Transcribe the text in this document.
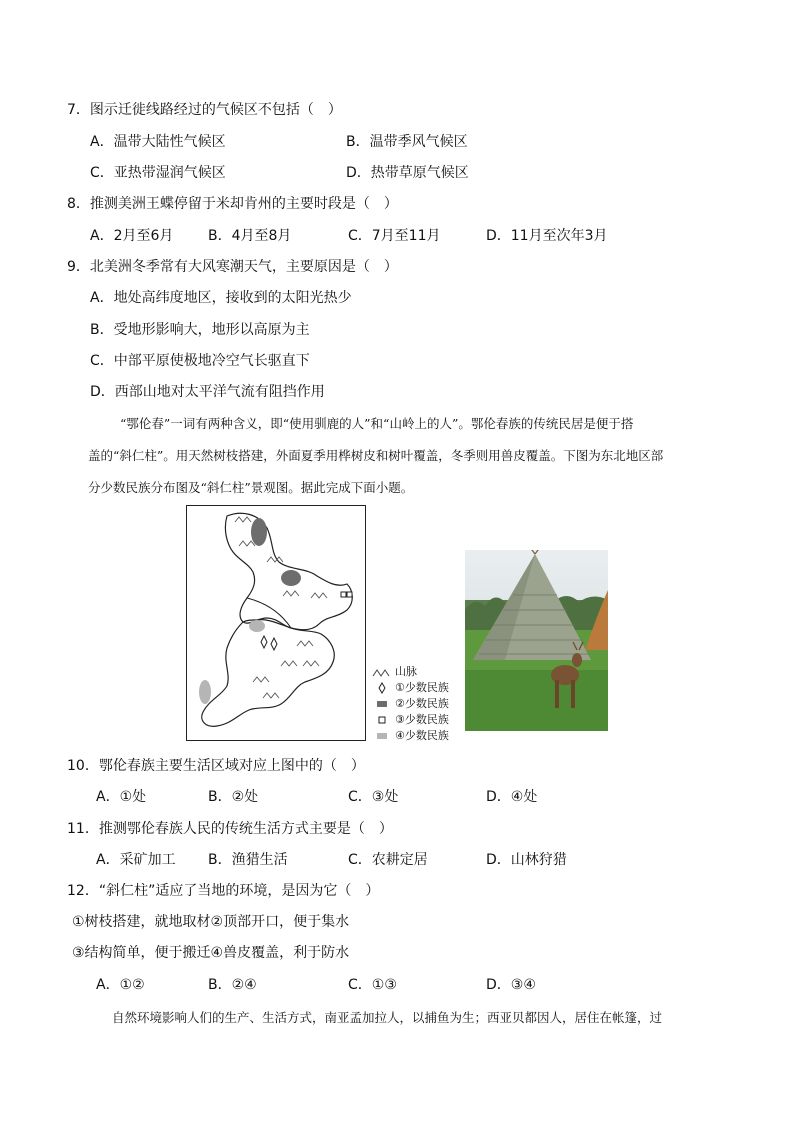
7．图示迁徙线路经过的气候区不包括（　）
A．温带大陆性气候区	B．温带季风气候区
C．亚热带湿润气候区	D．热带草原气候区
8．推测美洲王蝶停留于米却肯州的主要时段是（　）
A．2月至6月 B．4月至8月	C．7月至11月	D．11月至次年3月
9．北美洲冬季常有大风寒潮天气，主要原因是（　）
A．地处高纬度地区，接收到的太阳光热少
B．受地形影响大，地形以高原为主
C．中部平原使极地冷空气长驱直下
D．西部山地对太平洋气流有阻挡作用
“鄂伦春”一词有两种含义，即“使用驯鹿的人”和“山岭上的人”。鄂伦春族的传统民居是便于搭
盖的“斜仁柱”。用天然树枝搭建，外面夏季用桦树皮和树叶覆盖，冬季则用兽皮覆盖。下图为东北地区部
分少数民族分布图及“斜仁柱”景观图。据此完成下面小题。
山脉
①少数民族
②少数民族
③少数民族
④少数民族
10．鄂伦春族主要生活区域对应上图中的（　）
A．①处	B．②处	C．③处	D．④处
11．推测鄂伦春族人民的传统生活方式主要是（　）
A．采矿加工 B．渔猎生活	C．农耕定居	D．山林狩猎
12．“斜仁柱”适应了当地的环境，是因为它（　）
①树枝搭建，就地取材②顶部开口，便于集水
③结构简单，便于搬迁④兽皮覆盖，利于防水
A．①②	B．②④	C．①③	D．③④
自然环境影响人们的生产、生活方式，南亚孟加拉人，以捕鱼为生；西亚贝都因人，居住在帐篷，过
